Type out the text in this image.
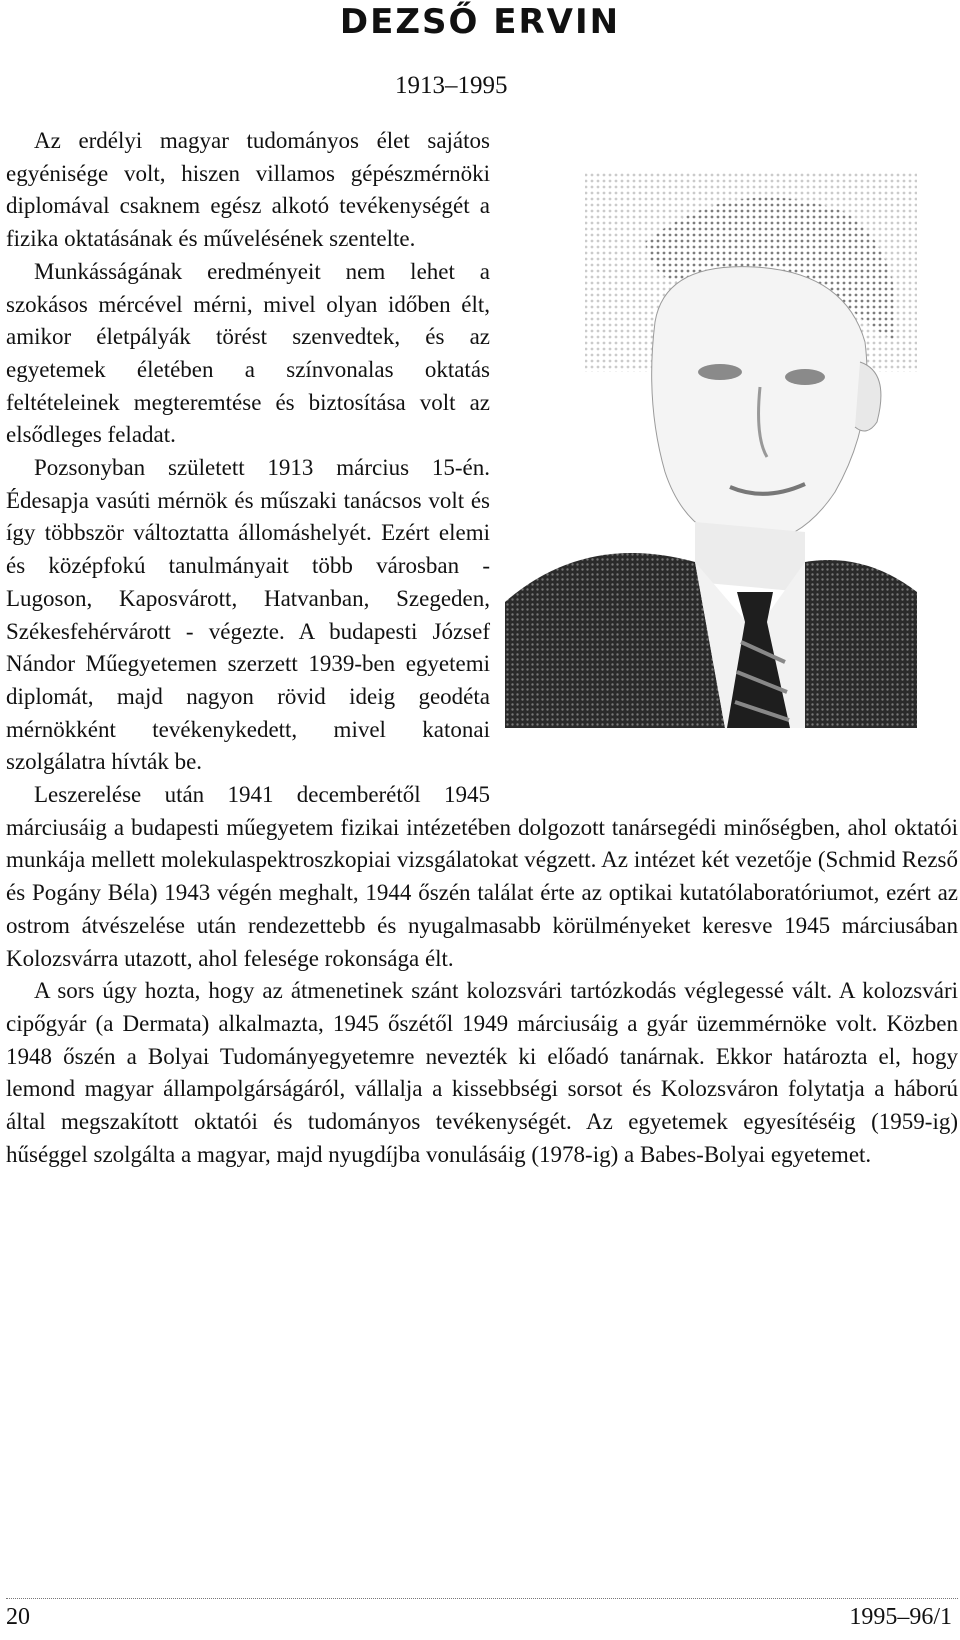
DEZSŐ ERVIN
1913–1995

Az erdélyi magyar tudományos élet sajátos egyénisége volt, hiszen villamos gépészmérnöki diplomával csaknem egész alkotó tevékenységét a fizika oktatásának és művelésének szentelte.

Munkásságának eredményeit nem lehet a szokásos mércével mérni, mivel olyan időben élt, amikor életpályák törést szenvedtek, és az egyetemek életében a színvonalas oktatás feltételeinek megteremtése és biztosítása volt az elsődleges feladat.

Pozsonyban született 1913 március 15-én. Édesapja vasúti mérnök és műszaki tanácsos volt és így többször változtatta állomáshelyét. Ezért elemi és középfokú tanulmányait több városban - Lugoson, Kaposvárott, Hatvanban, Szegeden, Székesfehérvárott - végezte. A budapesti József Nándor Műegyetemen szerzett 1939-ben egyetemi diplomát, majd nagyon rövid ideig geodéta mérnökként tevékenykedett, mivel katonai szolgálatra hívták be.

Leszerelése után 1941 decemberétől 1945 márciusáig a budapesti műegyetem fizikai intézetében dolgozott tanársegédi minőségben, ahol oktatói munkája mellett molekulaspektroszkopiai vizsgálatokat végzett. Az intézet két vezetője (Schmid Rezső és Pogány Béla) 1943 végén meghalt, 1944 őszén találat érte az optikai kutatólaboratóriumot, ezért az ostrom átvészelése után rendezettebb és nyugalmasabb körülményeket keresve 1945 márciusában Kolozsvárra utazott, ahol felesége rokonsága élt.

A sors úgy hozta, hogy az átmenetinek szánt kolozsvári tartózkodás véglegessé vált. A kolozsvári cipőgyár (a Dermata) alkalmazta, 1945 őszétől 1949 márciusáig a gyár üzemmérnöke volt. Közben 1948 őszén a Bolyai Tudományegyetemre nevezték ki előadó tanárnak. Ekkor határozta el, hogy lemond magyar állampolgárságáról, vállalja a kissebbségi sorsot és Kolozsváron folytatja a háború által megszakított oktatói és tudományos tevékenységét. Az egyetemek egyesítéséig (1959-ig) hűséggel szolgálta a magyar, majd nyugdíjba vonulásáig (1978-ig) a Babes-Bolyai egyetemet.

20	1995–96/1
